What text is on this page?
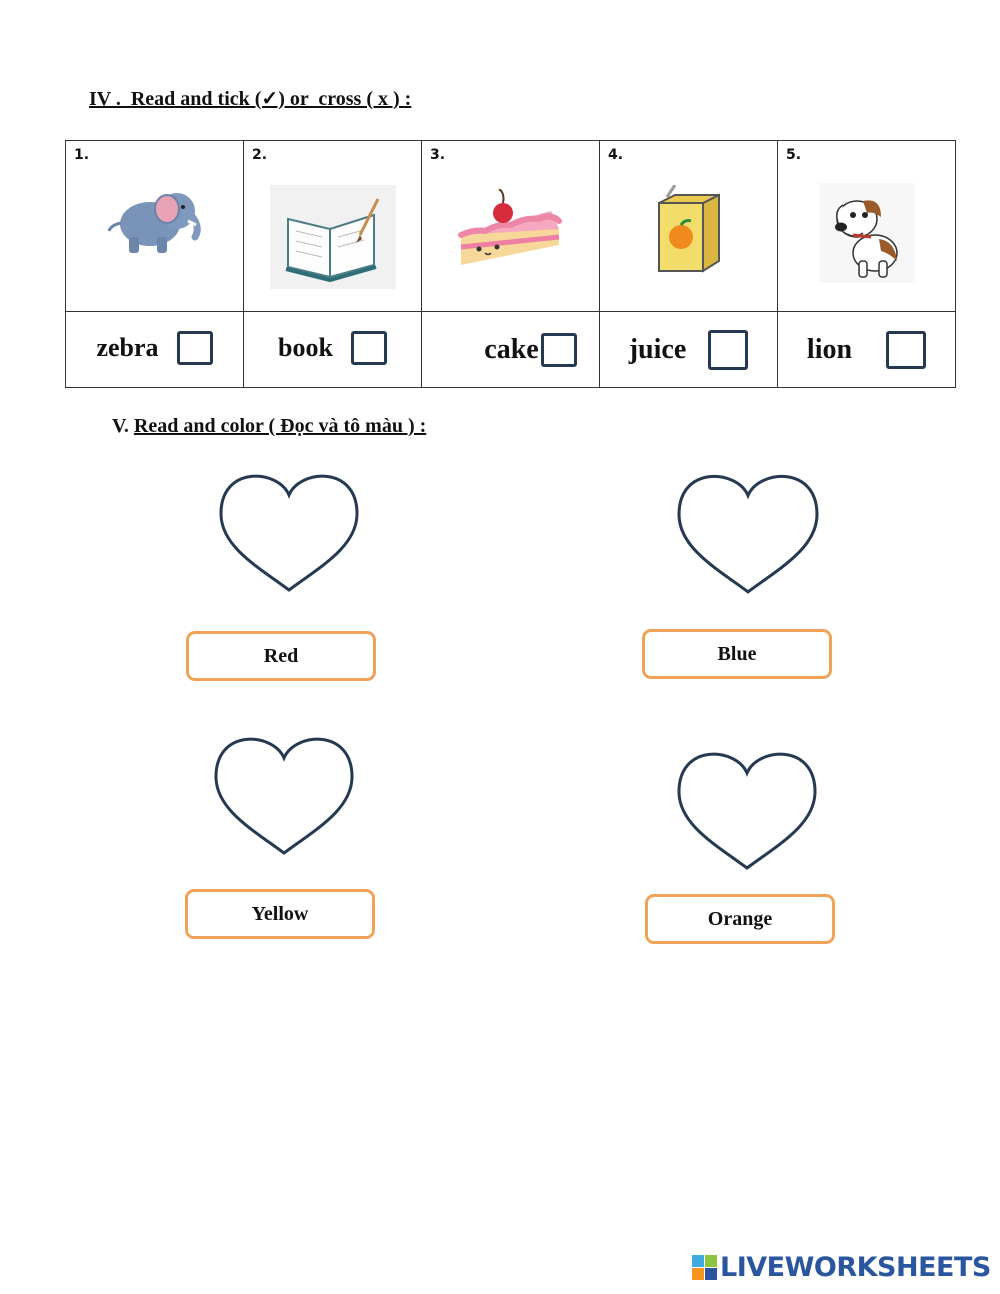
IV .  Read and tick (✓) or  cross ( x ) :
1.	2.	3.	4.	5.

zebra	book	cake	juice	lion
V. Read and color ( Đọc và tô màu ) :
Red	Blue
Yellow	Orange
LIVEWORKSHEETS
